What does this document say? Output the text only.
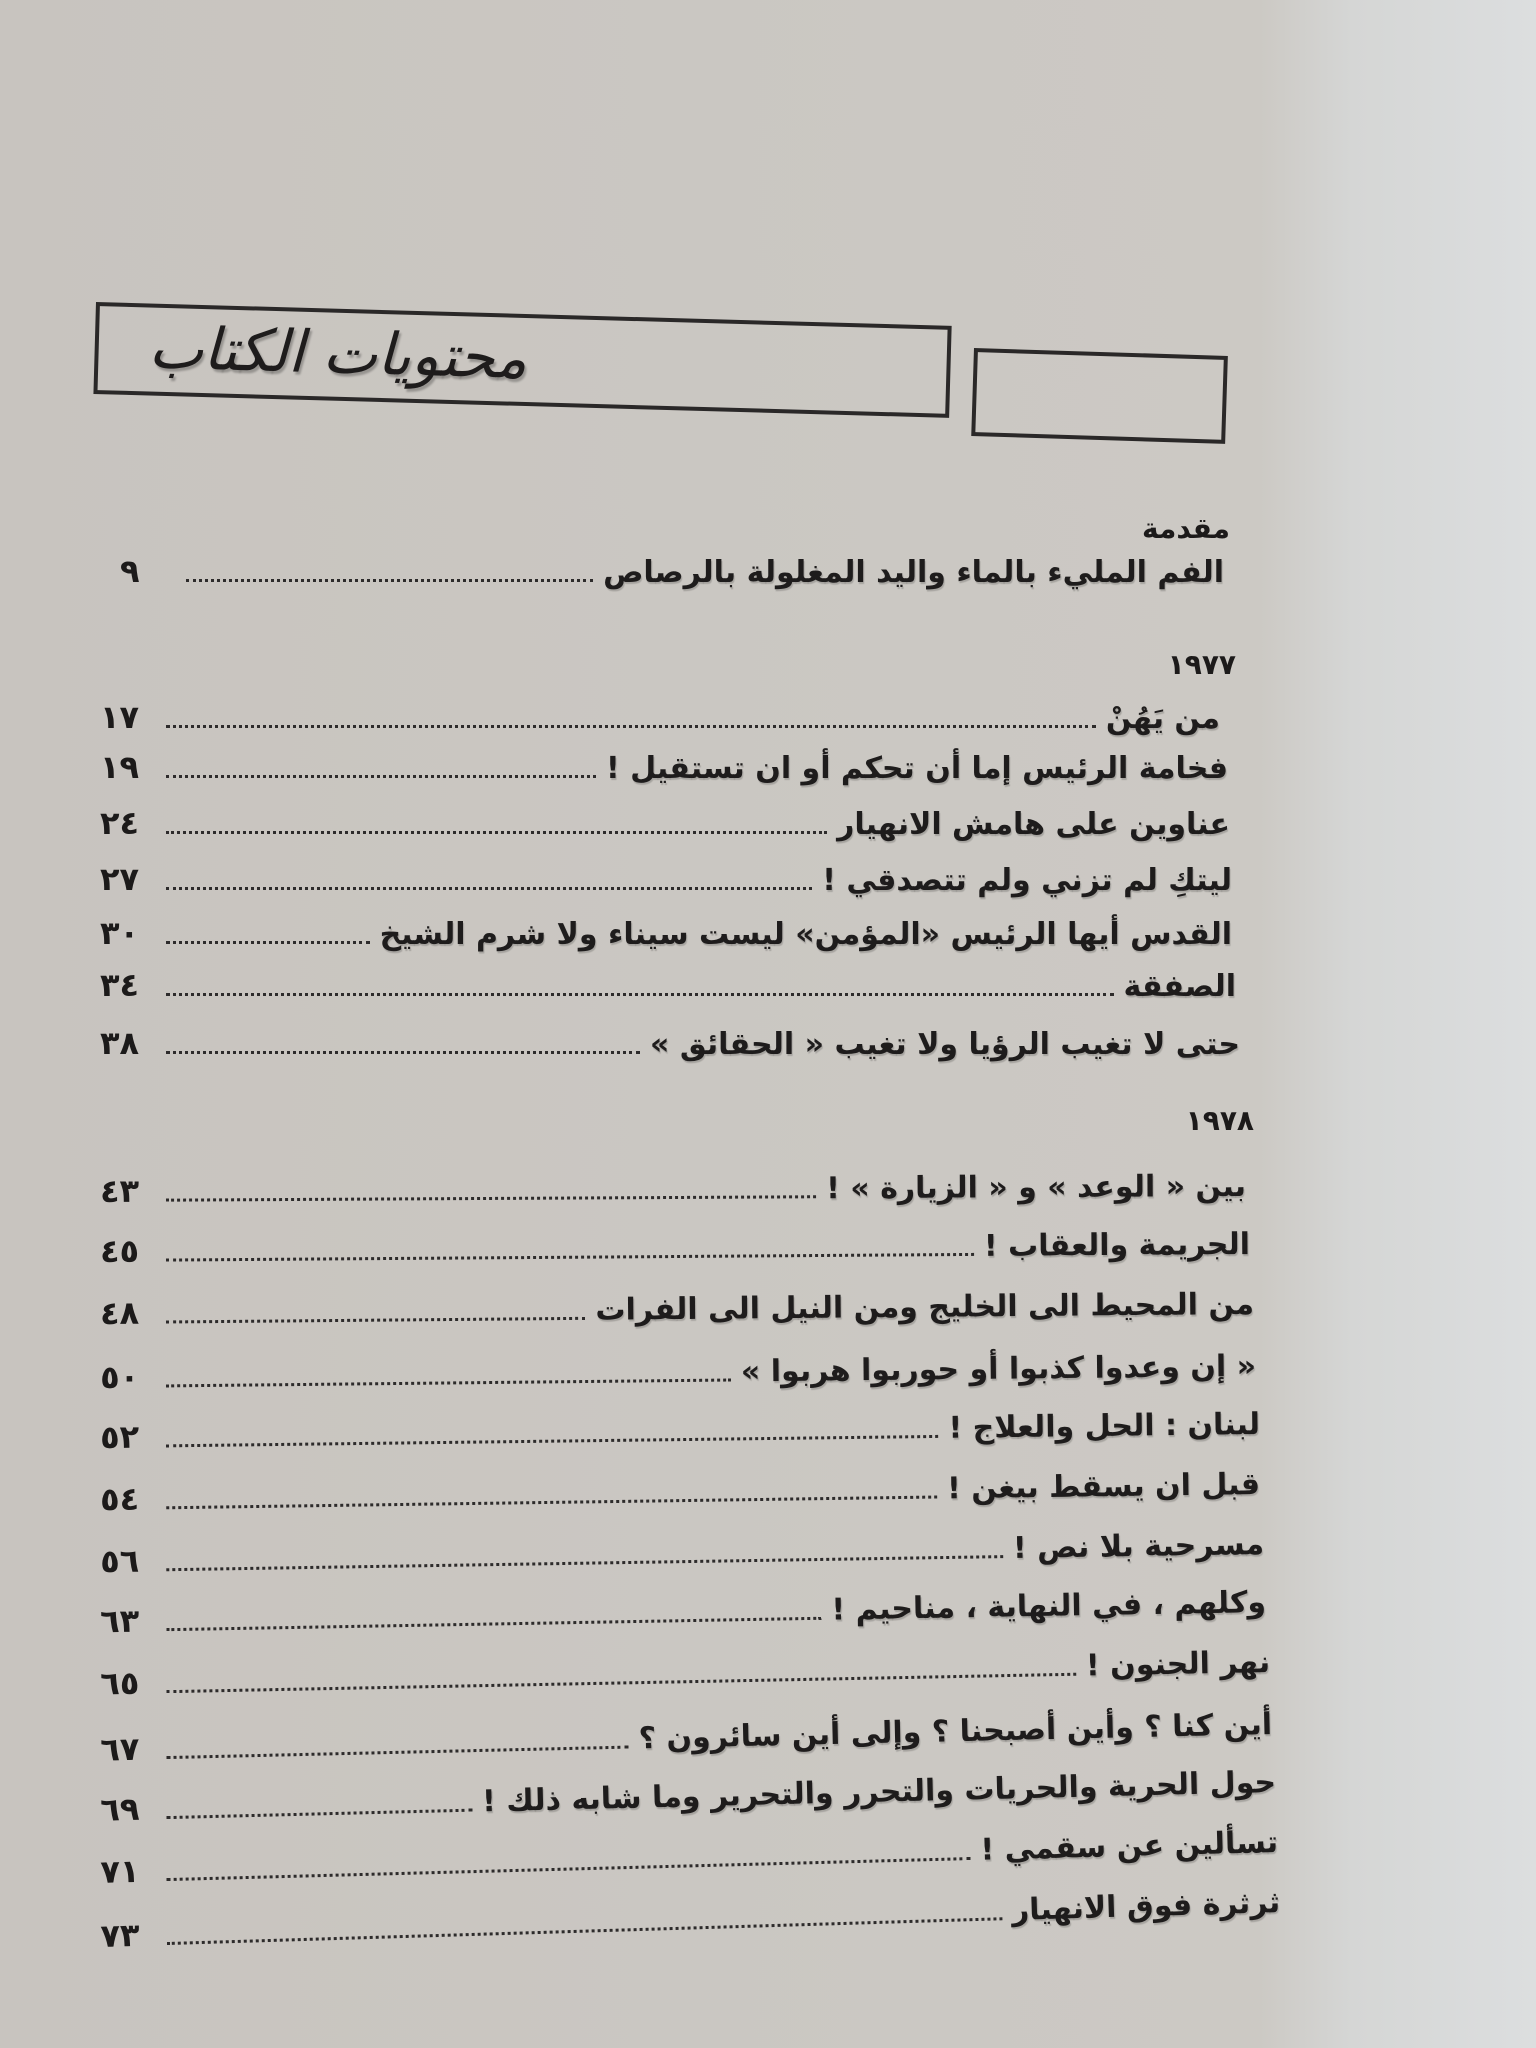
محتويات الكتاب
مقدمة
الفم المليء بالماء واليد المغلولة بالرصاص
٩
١٩٧٧
من يَهُنْ
١٧
فخامة الرئيس إما أن تحكم أو ان تستقيل !
١٩
عناوين على هامش الانهيار
٢٤
ليتكِ لم تزني ولم تتصدقي !
٢٧
القدس أيها الرئيس «المؤمن» ليست سيناء ولا شرم الشيخ
٣٠
الصفقة
٣٤
حتى لا تغيب الرؤيا ولا تغيب « الحقائق »
٣٨
١٩٧٨
بين « الوعد » و « الزيارة » !
٤٣
الجريمة والعقاب !
٤٥
من المحيط الى الخليج ومن النيل الى الفرات
٤٨
« إن وعدوا كذبوا أو حوربوا هربوا »
٥٠
لبنان : الحل والعلاج !
٥٢
قبل ان يسقط بيغن !
٥٤
مسرحية بلا نص !
٥٦
وكلهم ، في النهاية ، مناحيم !
٦٣
نهر الجنون !
٦٥
أين كنا ؟ وأين أصبحنا ؟ وإلى أين سائرون ؟
٦٧
حول الحرية والحريات والتحرر والتحرير وما شابه ذلك !
٦٩
تسألين عن سقمي !
٧١
ثرثرة فوق الانهيار
٧٣
